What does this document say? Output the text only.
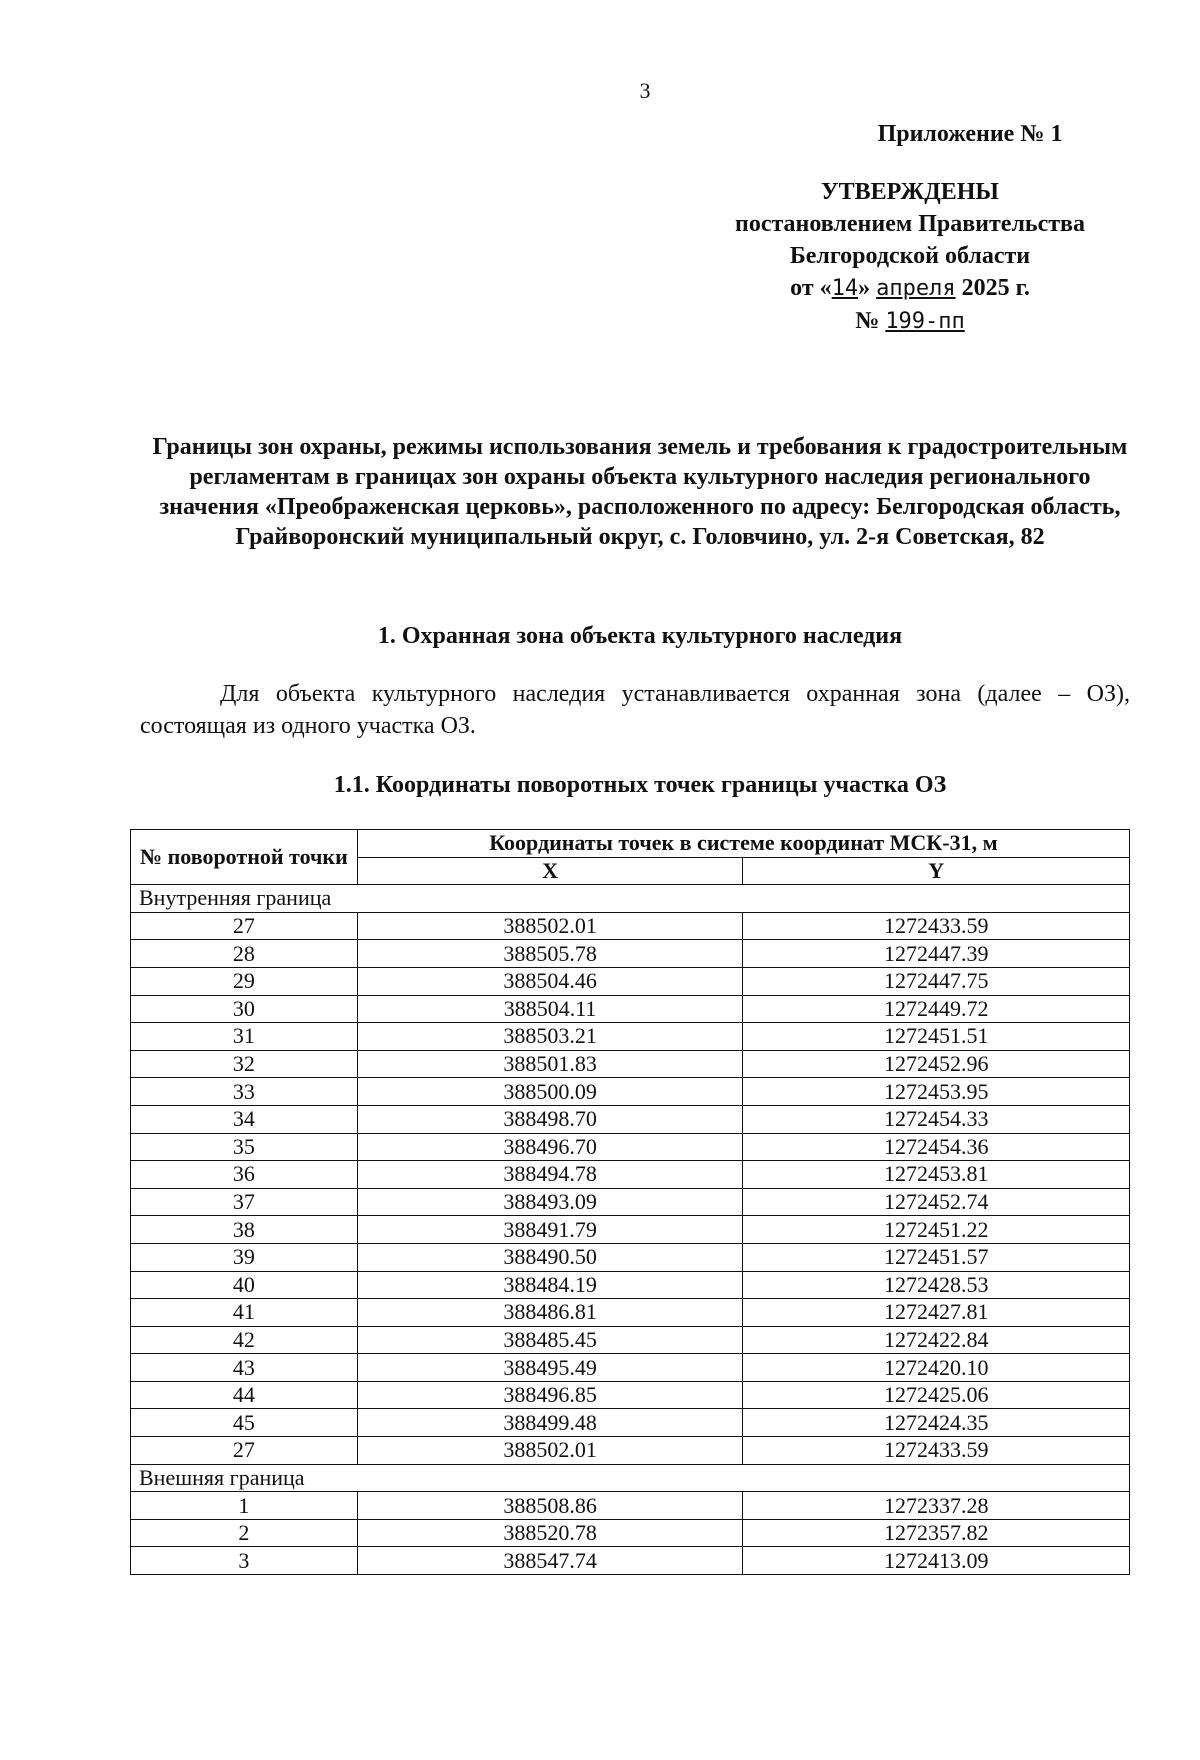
3
Приложение № 1
УТВЕРЖДЕНЫ
постановлением Правительства
Белгородской области
от «14» апреля 2025 г.
№ 199-пп
Границы зон охраны, режимы использования земель и требования к градостроительным регламентам в границах зон охраны объекта культурного наследия регионального значения «Преображенская церковь», расположенного по адресу: Белгородская область, Грайворонский муниципальный округ, с. Головчино, ул. 2-я Советская, 82
1. Охранная зона объекта культурного наследия
Для объекта культурного наследия устанавливается охранная зона (далее – ОЗ), состоящая из одного участка ОЗ.
1.1. Координаты поворотных точек границы участка ОЗ
№ поворотной точки	Координаты точек в системе координат МСК-31, м	
	X	Y
Внутренняя граница		
27	388502.01	1272433.59
28	388505.78	1272447.39
29	388504.46	1272447.75
30	388504.11	1272449.72
31	388503.21	1272451.51
32	388501.83	1272452.96
33	388500.09	1272453.95
34	388498.70	1272454.33
35	388496.70	1272454.36
36	388494.78	1272453.81
37	388493.09	1272452.74
38	388491.79	1272451.22
39	388490.50	1272451.57
40	388484.19	1272428.53
41	388486.81	1272427.81
42	388485.45	1272422.84
43	388495.49	1272420.10
44	388496.85	1272425.06
45	388499.48	1272424.35
27	388502.01	1272433.59
Внешняя граница		
1	388508.86	1272337.28
2	388520.78	1272357.82
3	388547.74	1272413.09
